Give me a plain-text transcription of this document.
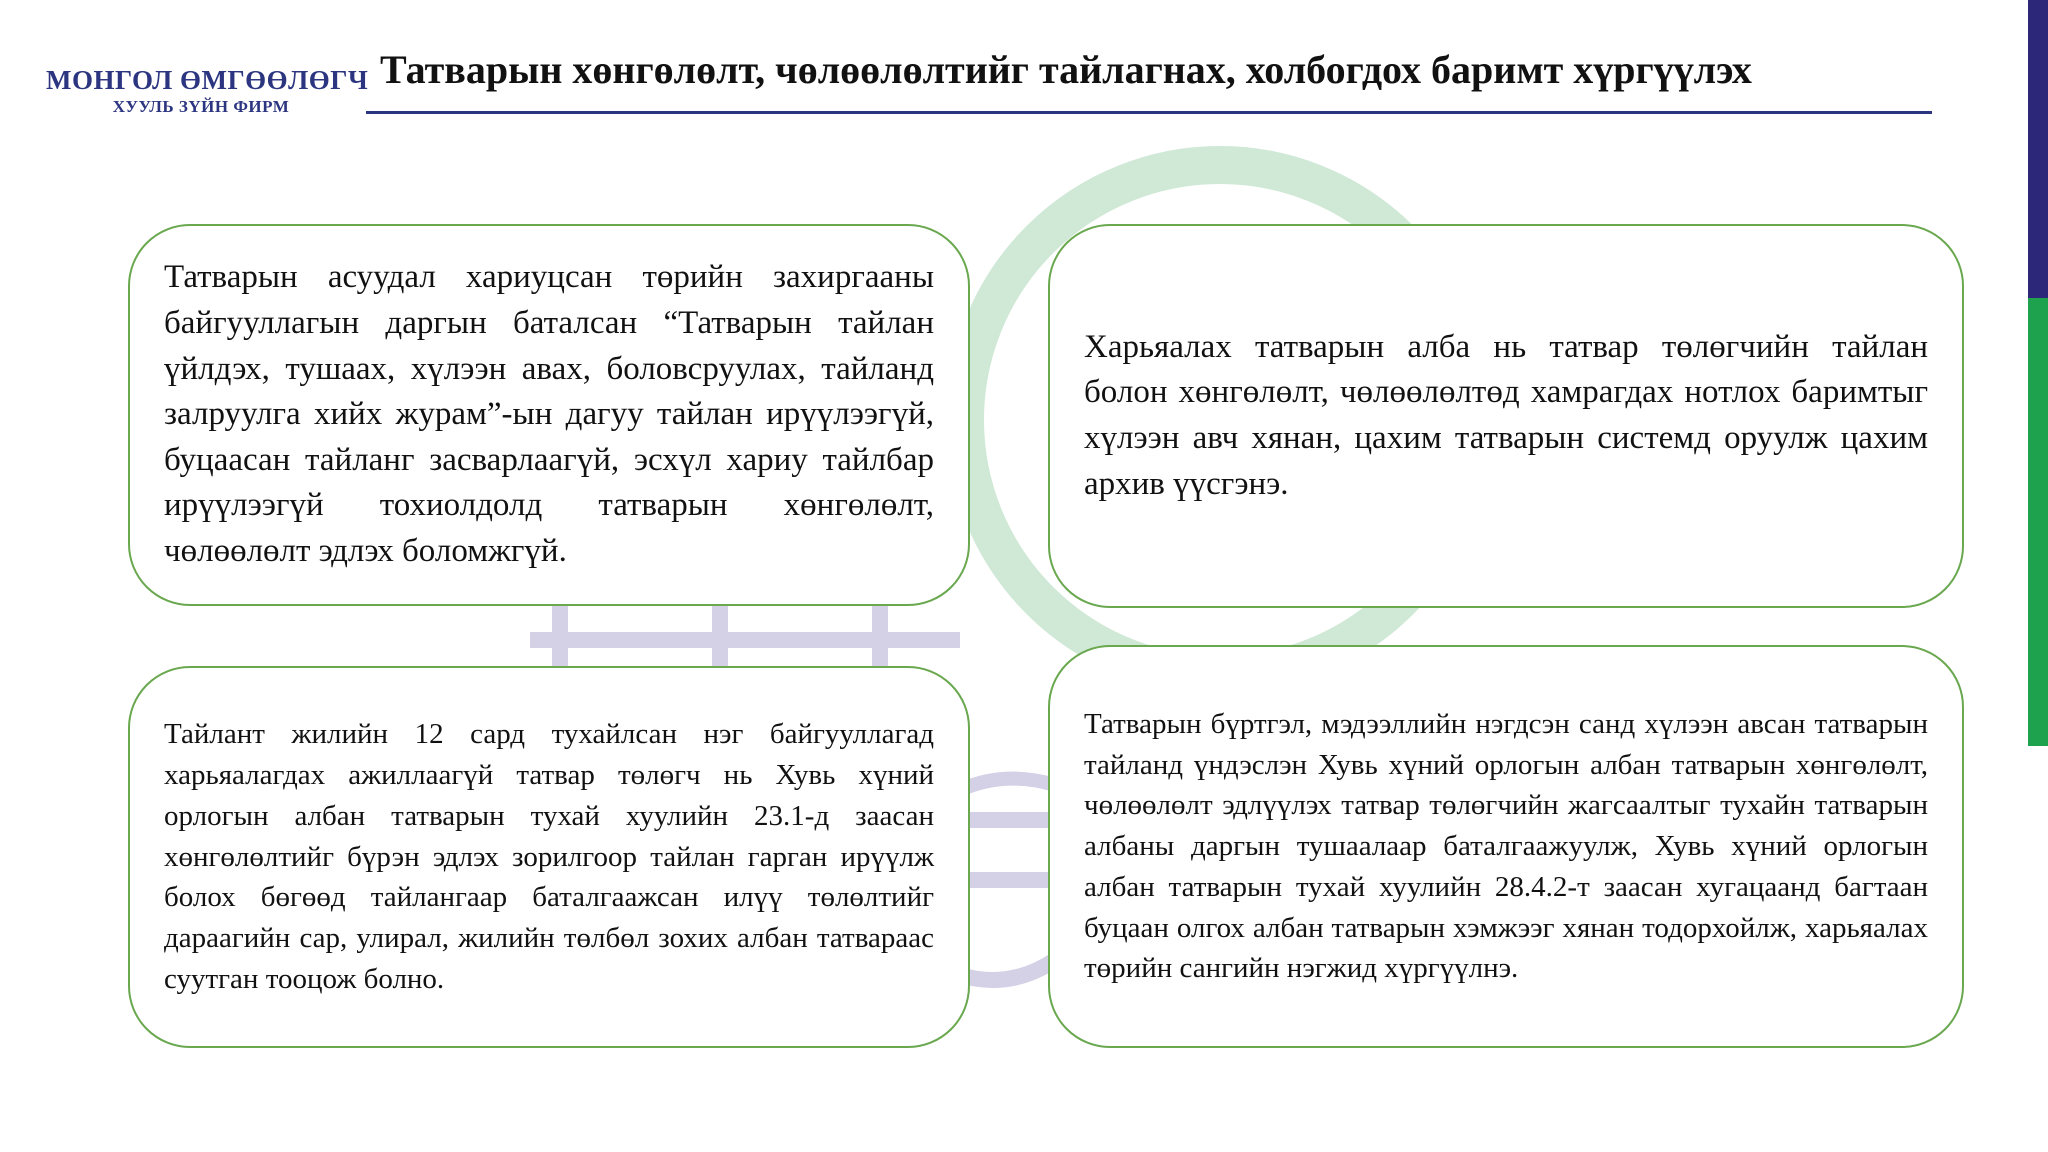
МОНГОЛ ӨМГӨӨЛӨГЧ
ХУУЛЬ ЗҮЙН ФИРМ
Татварын хөнгөлөлт, чөлөөлөлтийг тайлагнах, холбогдох баримт хүргүүлэх
Татварын асуудал хариуцсан төрийн захиргааны байгууллагын даргын баталсан “Татварын тайлан үйлдэх, тушаах, хүлээн авах, боловсруулах, тайланд залруулга хийх журам”-ын дагуу тайлан ирүүлээгүй, буцаасан тайланг засварлаагүй, эсхүл хариу тайлбар ирүүлээгүй тохиолдолд татварын хөнгөлөлт, чөлөөлөлт эдлэх боломжгүй.
Харьяалах татварын алба нь татвар төлөгчийн тайлан болон хөнгөлөлт, чөлөөлөлтөд хамрагдах нотлох баримтыг хүлээн авч хянан, цахим татварын системд оруулж цахим архив үүсгэнэ.
Тайлант жилийн 12 сард тухайлсан нэг байгууллагад харьяалагдах ажиллаагүй татвар төлөгч нь Хувь хүний орлогын албан татварын тухай хуулийн 23.1-д заасан хөнгөлөлтийг бүрэн эдлэх зорилгоор тайлан гарган ирүүлж болох бөгөөд тайлангаар баталгаажсан илүү төлөлтийг дараагийн сар, улирал, жилийн төлбөл зохих албан татвараас суутган тооцож болно.
Татварын бүртгэл, мэдээллийн нэгдсэн санд хүлээн авсан татварын тайланд үндэслэн Хувь хүний орлогын албан татварын хөнгөлөлт, чөлөөлөлт эдлүүлэх татвар төлөгчийн жагсаалтыг тухайн татварын албаны даргын тушаалаар баталгаажуулж, Хувь хүний орлогын албан татварын тухай хуулийн 28.4.2-т заасан хугацаанд багтаан буцаан олгох албан татварын хэмжээг хянан тодорхойлж, харьяалах төрийн сангийн нэгжид хүргүүлнэ.
